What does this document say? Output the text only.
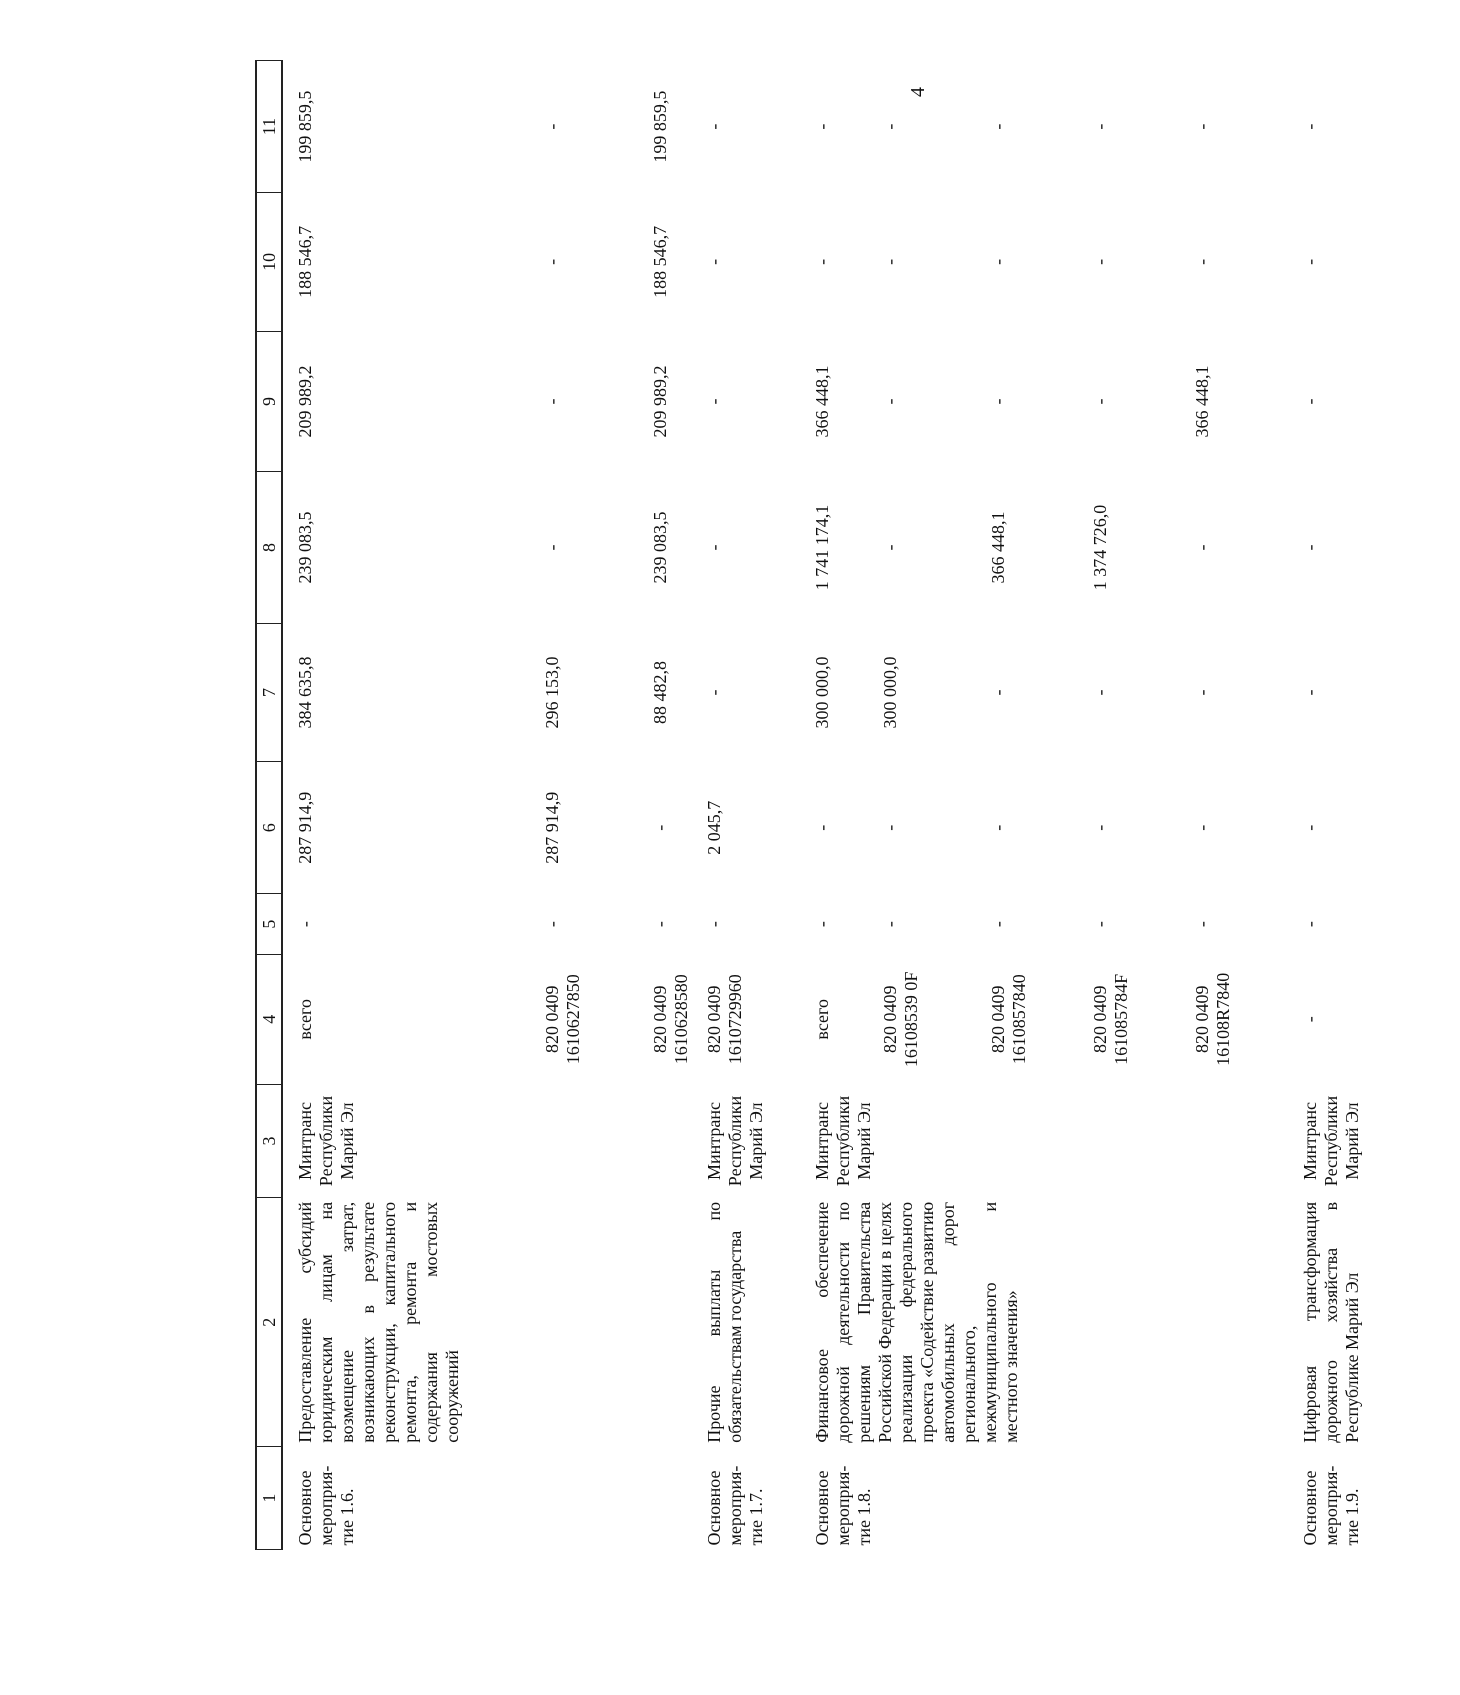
4
1	2	3	4	5	6	7	8	9	10	11
Основное мероприя-тие 1.6.	Предоставление субсидий юридическим лицам на возмещение затрат, возникающих в результате реконструкции, капитального ремонта, ремонта и содержания мостовых сооружений	Минтранс Республики Марий Эл	всего	-	287 914,9	384 635,8	239 083,5	209 989,2	188 546,7	199 859,5
			820 0409
1610627850	-	287 914,9	296 153,0	-	-	-	-
			820 0409
1610628580	-	-	88 482,8	239 083,5	209 989,2	188 546,7	199 859,5
Основное мероприя-тие 1.7.	Прочие выплаты по обязательствам государства	Минтранс Республики Марий Эл	820 0409
1610729960	-	2 045,7	-	-	-	-	-
Основное мероприя-тие 1.8.	Финансовое обеспечение дорожной деятельности по решениям Правительства Российской Федерации в целях реализации федерального проекта «Содействие развитию автомобильных дорог регионального, межмуниципального и местного значения»	Минтранс Республики Марий Эл	всего	-	-	300 000,0	1 741 174,1	366 448,1	-	-
			820 0409
16108539 0F	-	-	300 000,0	-	-	-	-
			820 0409
1610857840	-	-	-	366 448,1	-	-	-
			820 0409
161085784F	-	-	-	1 374 726,0	-	-	-
			820 0409
16108R7840	-	-	-	-	366 448,1	-	-
Основное мероприя-тие 1.9.	Цифровая трансформация дорожного хозяйства в Республике Марий Эл	Минтранс Республики Марий Эл	-	-	-	-	-	-	-	-
